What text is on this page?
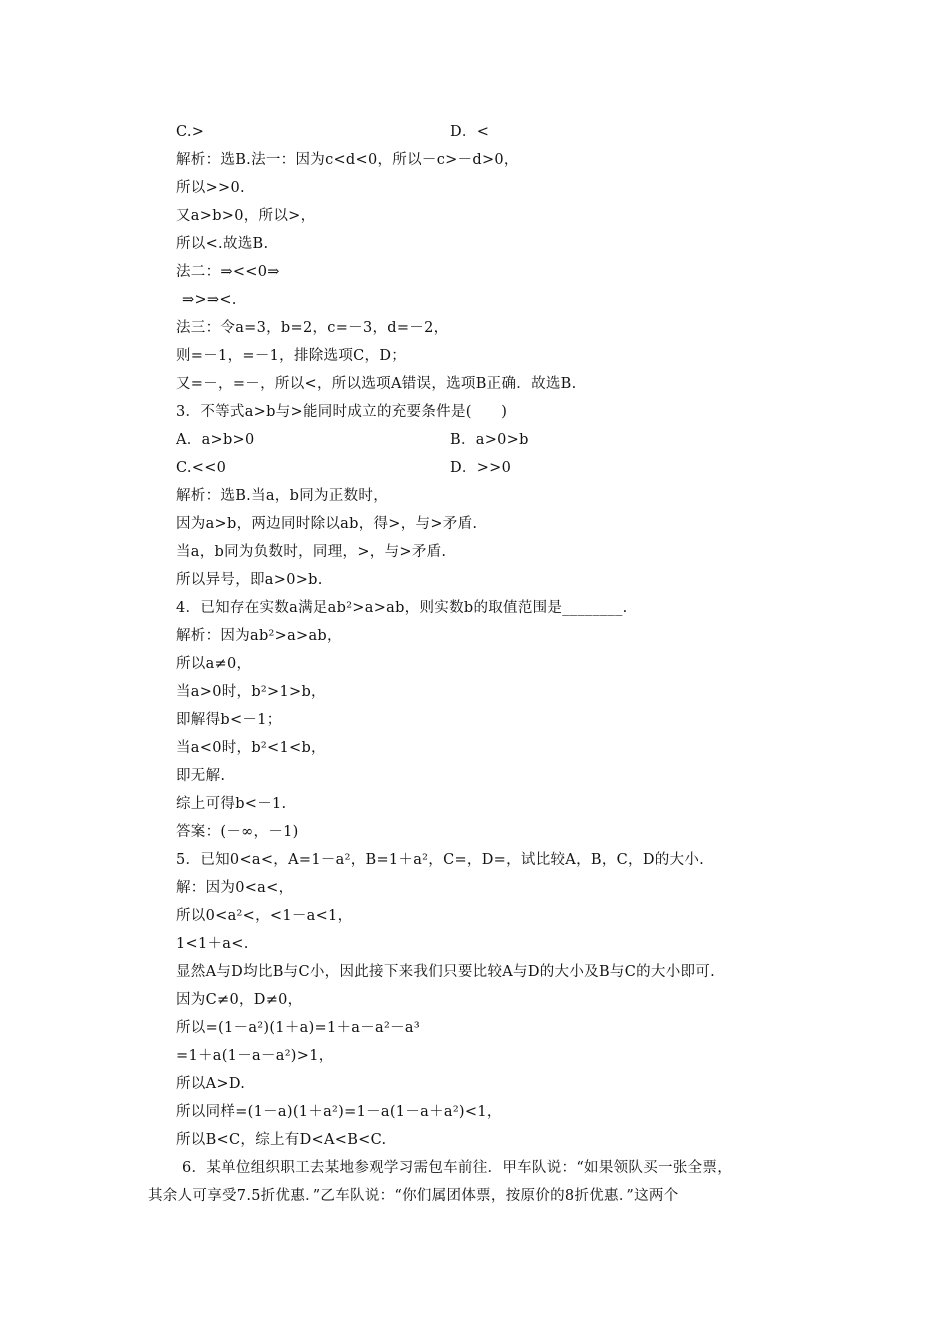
C.>	D．<
解析：选B.法一：因为c<d<0，所以－c>－d>0，
所以>>0.
又a>b>0，所以>，
所以<.故选B.
法二：⇒<<0⇒
⇒>⇒<.
法三：令a=3，b=2，c=－3，d=－2，
则=－1，=－1，排除选项C，D；
又=－，=－，所以<，所以选项A错误，选项B正确．故选B.
3．不等式a>b与>能同时成立的充要条件是(　　)
A．a>b>0	B．a>0>b
C.<<0	D．>>0
解析：选B.当a，b同为正数时，
因为a>b，两边同时除以ab，得>，与>矛盾.
当a，b同为负数时，同理，>，与>矛盾.
所以异号，即a>0>b.
4．已知存在实数a满足ab²>a>ab，则实数b的取值范围是________.
解析：因为ab²>a>ab，
所以a≠0，
当a>0时，b²>1>b，
即解得b<－1；
当a<0时，b²<1<b，
即无解.
综上可得b<－1.
答案：(－∞，－1)
5．已知0<a<，A=1－a²，B=1＋a²，C=，D=，试比较A，B，C，D的大小.
解：因为0<a<，
所以0<a²<，<1－a<1，
1<1＋a<.
显然A与D均比B与C小，因此接下来我们只要比较A与D的大小及B与C的大小即可.
因为C≠0，D≠0，
所以=(1－a²)(1＋a)=1＋a－a²－a³
=1＋a(1－a－a²)>1，
所以A>D.
所以同样=(1－a)(1＋a²)=1－a(1－a＋a²)<1，
所以B<C，综上有D<A<B<C.
6．某单位组织职工去某地参观学习需包车前往．甲车队说：“如果领队买一张全票，
其余人可享受7.5折优惠．”乙车队说：“你们属团体票，按原价的8折优惠．”这两个
